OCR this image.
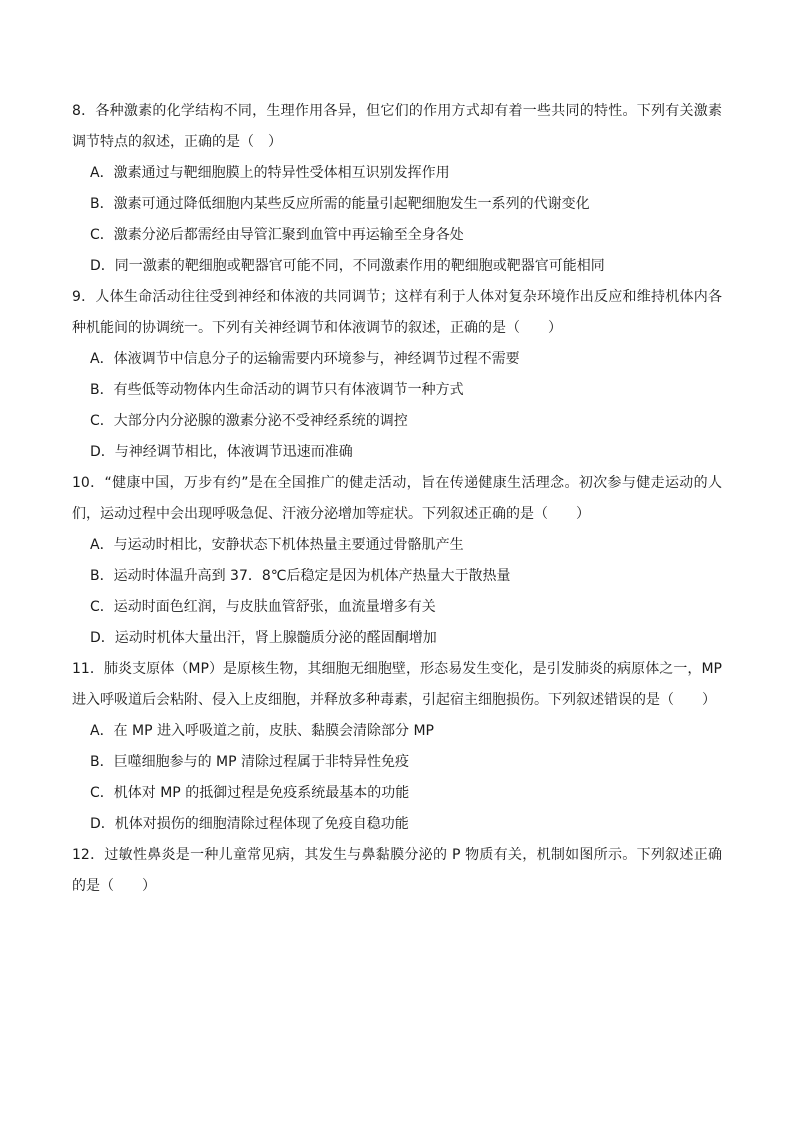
8．各种激素的化学结构不同，生理作用各异，但它们的作用方式却有着一些共同的特性。下列有关激素调节特点的叙述，正确的是（　）

A．激素通过与靶细胞膜上的特异性受体相互识别发挥作用

B．激素可通过降低细胞内某些反应所需的能量引起靶细胞发生一系列的代谢变化

C．激素分泌后都需经由导管汇聚到血管中再运输至全身各处

D．同一激素的靶细胞或靶器官可能不同，不同激素作用的靶细胞或靶器官可能相同

9．人体生命活动往往受到神经和体液的共同调节；这样有利于人体对复杂环境作出反应和维持机体内各种机能间的协调统一。下列有关神经调节和体液调节的叙述，正确的是（　　）

A．体液调节中信息分子的运输需要内环境参与，神经调节过程不需要

B．有些低等动物体内生命活动的调节只有体液调节一种方式

C．大部分内分泌腺的激素分泌不受神经系统的调控

D．与神经调节相比，体液调节迅速而准确

10．“健康中国，万步有约”是在全国推广的健走活动，旨在传递健康生活理念。初次参与健走运动的人们，运动过程中会出现呼吸急促、汗液分泌增加等症状。下列叙述正确的是（　　）

A．与运动时相比，安静状态下机体热量主要通过骨骼肌产生

B．运动时体温升高到 37．8℃后稳定是因为机体产热量大于散热量

C．运动时面色红润，与皮肤血管舒张，血流量增多有关

D．运动时机体大量出汗，肾上腺髓质分泌的醛固酮增加

11．肺炎支原体（MP）是原核生物，其细胞无细胞壁，形态易发生变化，是引发肺炎的病原体之一，MP 进入呼吸道后会粘附、侵入上皮细胞，并释放多种毒素，引起宿主细胞损伤。下列叙述错误的是（　　）

A．在 MP 进入呼吸道之前，皮肤、黏膜会清除部分 MP

B．巨噬细胞参与的 MP 清除过程属于非特异性免疫

C．机体对 MP 的抵御过程是免疫系统最基本的功能

D．机体对损伤的细胞清除过程体现了免疫自稳功能

12．过敏性鼻炎是一种儿童常见病，其发生与鼻黏膜分泌的 P 物质有关，机制如图所示。下列叙述正确的是（　　）
